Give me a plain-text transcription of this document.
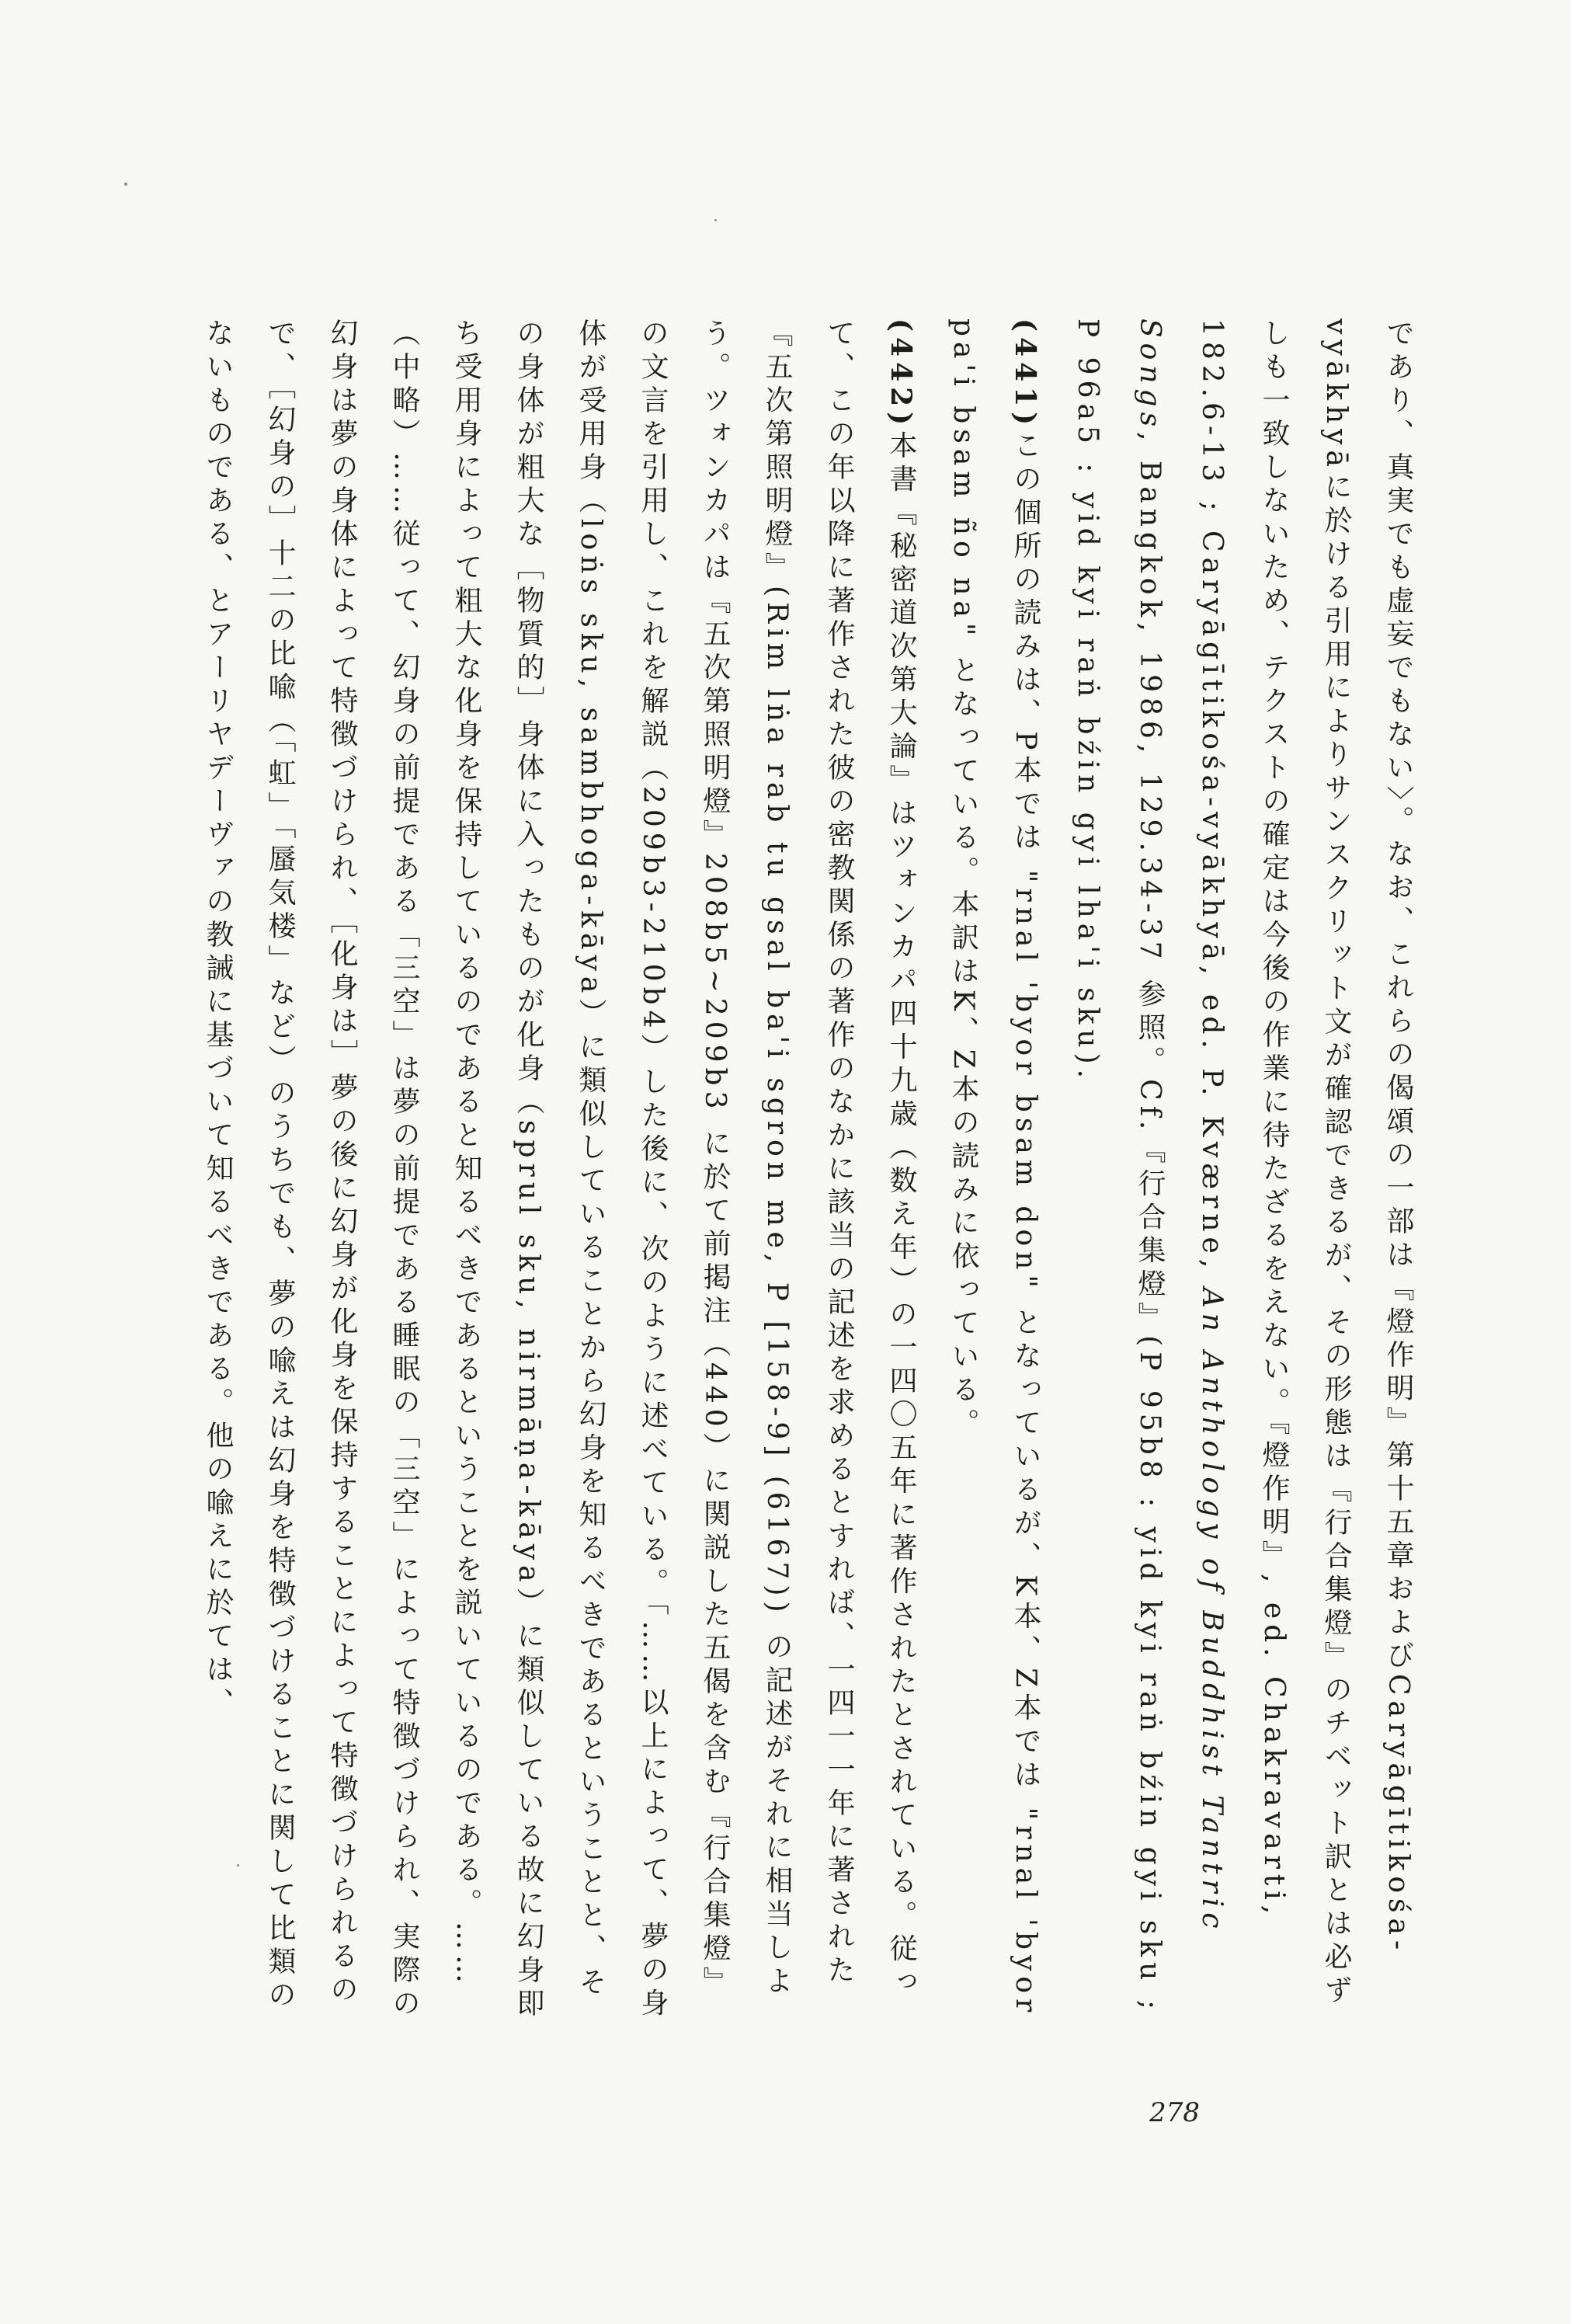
であり、真実でも虚妄でもない〉。なお、これらの偈頌の一部は『燈作明』第十五章およびCaryāgītikośa-vyākhyāに於ける引用によりサンスクリット文が確認できるが、その形態は『行合集燈』のチベット訳とは必ずしも一致しないため、テクストの確定は今後の作業に待たざるをえない。『燈作明』, ed. Chakravarti, 182.6-13 ; Caryāgītikośa-vyākhyā, ed. P. Kværne, An Anthology of Buddhist Tantric Songs, Bangkok, 1986, 129.34-37 参照。Cf.『行合集燈』(P 95b8 : yid kyi raṅ bźin gyi sku ; P 96a5 : yid kyi raṅ bźin gyi lha'i sku).

(441)この個所の読みは、P本では "rnal 'byor bsam don" となっているが、K本、Z本では "rnal 'byor pa'i bsam ño na" となっている。本訳はK、Z本の読みに依っている。

(442)本書『秘密道次第大論』はツォンカパ四十九歳（数え年）の一四〇五年に著作されたとされている。従って、この年以降に著作された彼の密教関係の著作のなかに該当の記述を求めるとすれば、一四一一年に著された『五次第照明燈』(Rim lṅa rab tu gsal ba'i sgron me, P [158-9] (6167)) の記述がそれに相当しよう。ツォンカパは『五次第照明燈』208b5~209b3 に於て前掲注（440）に関説した五偈を含む『行合集燈』の文言を引用し、これを解説（209b3-210b4）した後に、次のように述べている。「……以上によって、夢の身体が受用身（loṅs sku, sambhoga-kāya）に類似していることから幻身を知るべきであるということと、その身体が粗大な［物質的］身体に入ったものが化身（sprul sku, nirmāṇa-kāya）に類似している故に幻身即ち受用身によって粗大な化身を保持しているのであると知るべきであるということを説いているのである。……（中略）……従って、幻身の前提である「三空」は夢の前提である睡眠の「三空」によって特徴づけられ、実際の幻身は夢の身体によって特徴づけられ、［化身は］夢の後に幻身が化身を保持することによって特徴づけられるので、［幻身の］十二の比喩（「虹」「蜃気楼」など）のうちでも、夢の喩えは幻身を特徴づけることに関して比類のないものである、とアーリヤデーヴァの教誡に基づいて知るべきである。他の喩えに於ては、

278
